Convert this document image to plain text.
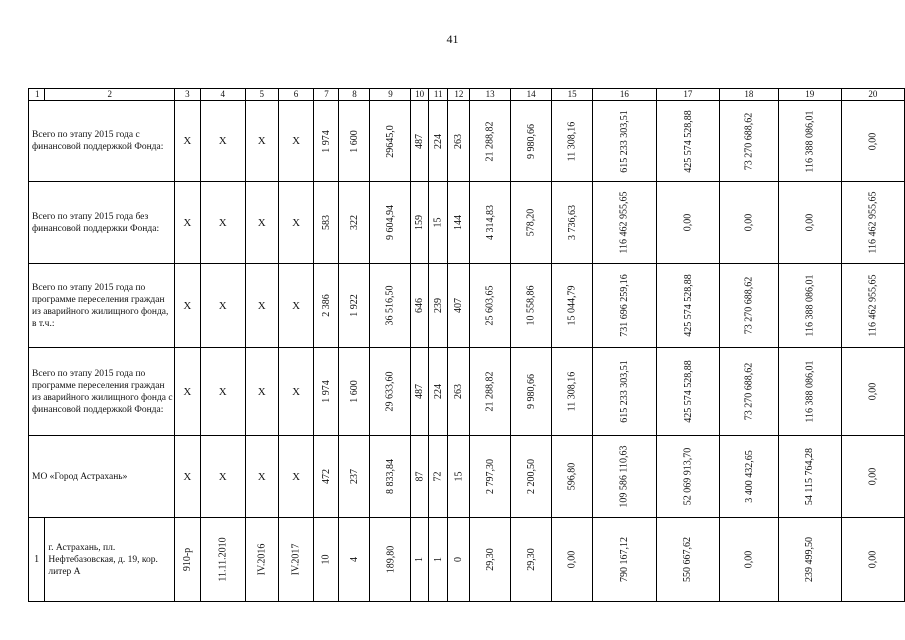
41
1	2	3	4	5	6	7	8	9	10	11	12	13	14	15	16	17	18	19	20
Всего по этапу 2015 года с финансовой поддержкой Фонда:		X	X	X	X	1 974	1 600	29645,0	487	224	263	21 288,82	9 980,66	11 308,16	615 233 303,51	425 574 528,88	73 270 688,62	116 388 086,01	0,00
Всего по этапу 2015 года без финансовой поддержки Фонда:		X	X	X	X	583	322	9 604,94	159	15	144	4 314,83	578,20	3 736,63	116 462 955,65	0,00	0,00	0,00	116 462 955,65
Всего по этапу 2015 года по программе переселения граждан из аварийного жилищного фонда, в т.ч.:		X	X	X	X	2 386	1 922	36 516,50	646	239	407	25 603,65	10 558,86	15 044,79	731 696 259,16	425 574 528,88	73 270 688,62	116 388 086,01	116 462 955,65
Всего по этапу 2015 года по программе переселения граждан из аварийного жилищного фонда с финансовой поддержкой Фонда:		X	X	X	X	1 974	1 600	29 633,60	487	224	263	21 288,82	9 980,66	11 308,16	615 233 303,51	425 574 528,88	73 270 688,62	116 388 086,01	0,00
МО «Город Астрахань»		X	X	X	X	472	237	8 833,84	87	72	15	2 797,30	2 200,50	596,80	109 586 110,63	52 069 913,70	3 400 432,65	54 115 764,28	0,00
1	г. Астрахань, пл. Нефтебазовская, д. 19, кор. литер А	910-р	11.11.2010	IV.2016	IV.2017	10	4	189,80	1	1	0	29,30	29,30	0,00	790 167,12	550 667,62	0,00	239 499,50	0,00
